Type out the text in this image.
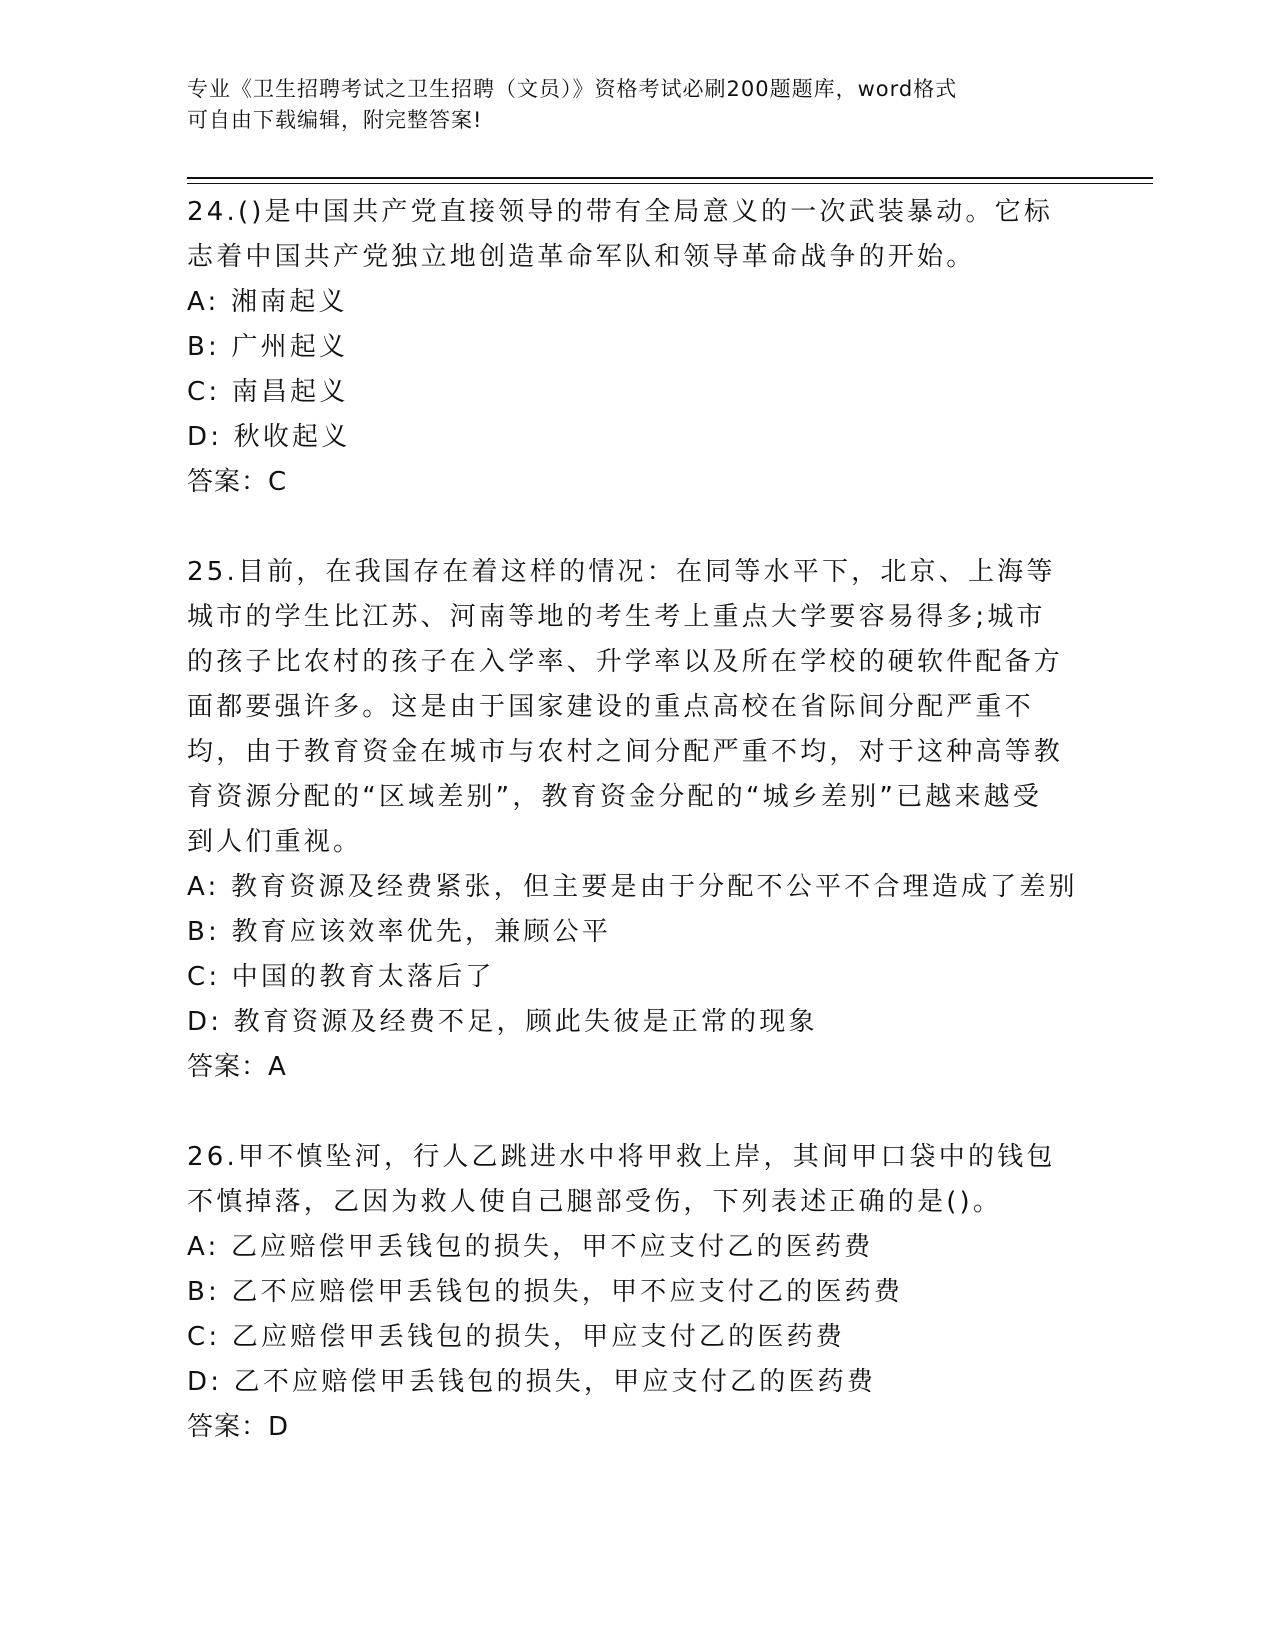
专业《卫生招聘考试之卫生招聘（文员）》资格考试必刷200题题库，word格式
可自由下载编辑，附完整答案!
24.()是中国共产党直接领导的带有全局意义的一次武装暴动。它标志着中国共产党独立地创造革命军队和领导革命战争的开始。
A: 湘南起义
B: 广州起义
C: 南昌起义
D: 秋收起义
答案：C
25.目前，在我国存在着这样的情况：在同等水平下，北京、上海等城市的学生比江苏、河南等地的考生考上重点大学要容易得多;城市的孩子比农村的孩子在入学率、升学率以及所在学校的硬软件配备方面都要强许多。这是由于国家建设的重点高校在省际间分配严重不均，由于教育资金在城市与农村之间分配严重不均，对于这种高等教育资源分配的“区域差别”，教育资金分配的“城乡差别”已越来越受到人们重视。
A: 教育资源及经费紧张，但主要是由于分配不公平不合理造成了差别
B: 教育应该效率优先，兼顾公平
C: 中国的教育太落后了
D: 教育资源及经费不足，顾此失彼是正常的现象
答案：A
26.甲不慎坠河，行人乙跳进水中将甲救上岸，其间甲口袋中的钱包不慎掉落，乙因为救人使自己腿部受伤，下列表述正确的是()。
A: 乙应赔偿甲丢钱包的损失，甲不应支付乙的医药费
B: 乙不应赔偿甲丢钱包的损失，甲不应支付乙的医药费
C: 乙应赔偿甲丢钱包的损失，甲应支付乙的医药费
D: 乙不应赔偿甲丢钱包的损失，甲应支付乙的医药费
答案：D
